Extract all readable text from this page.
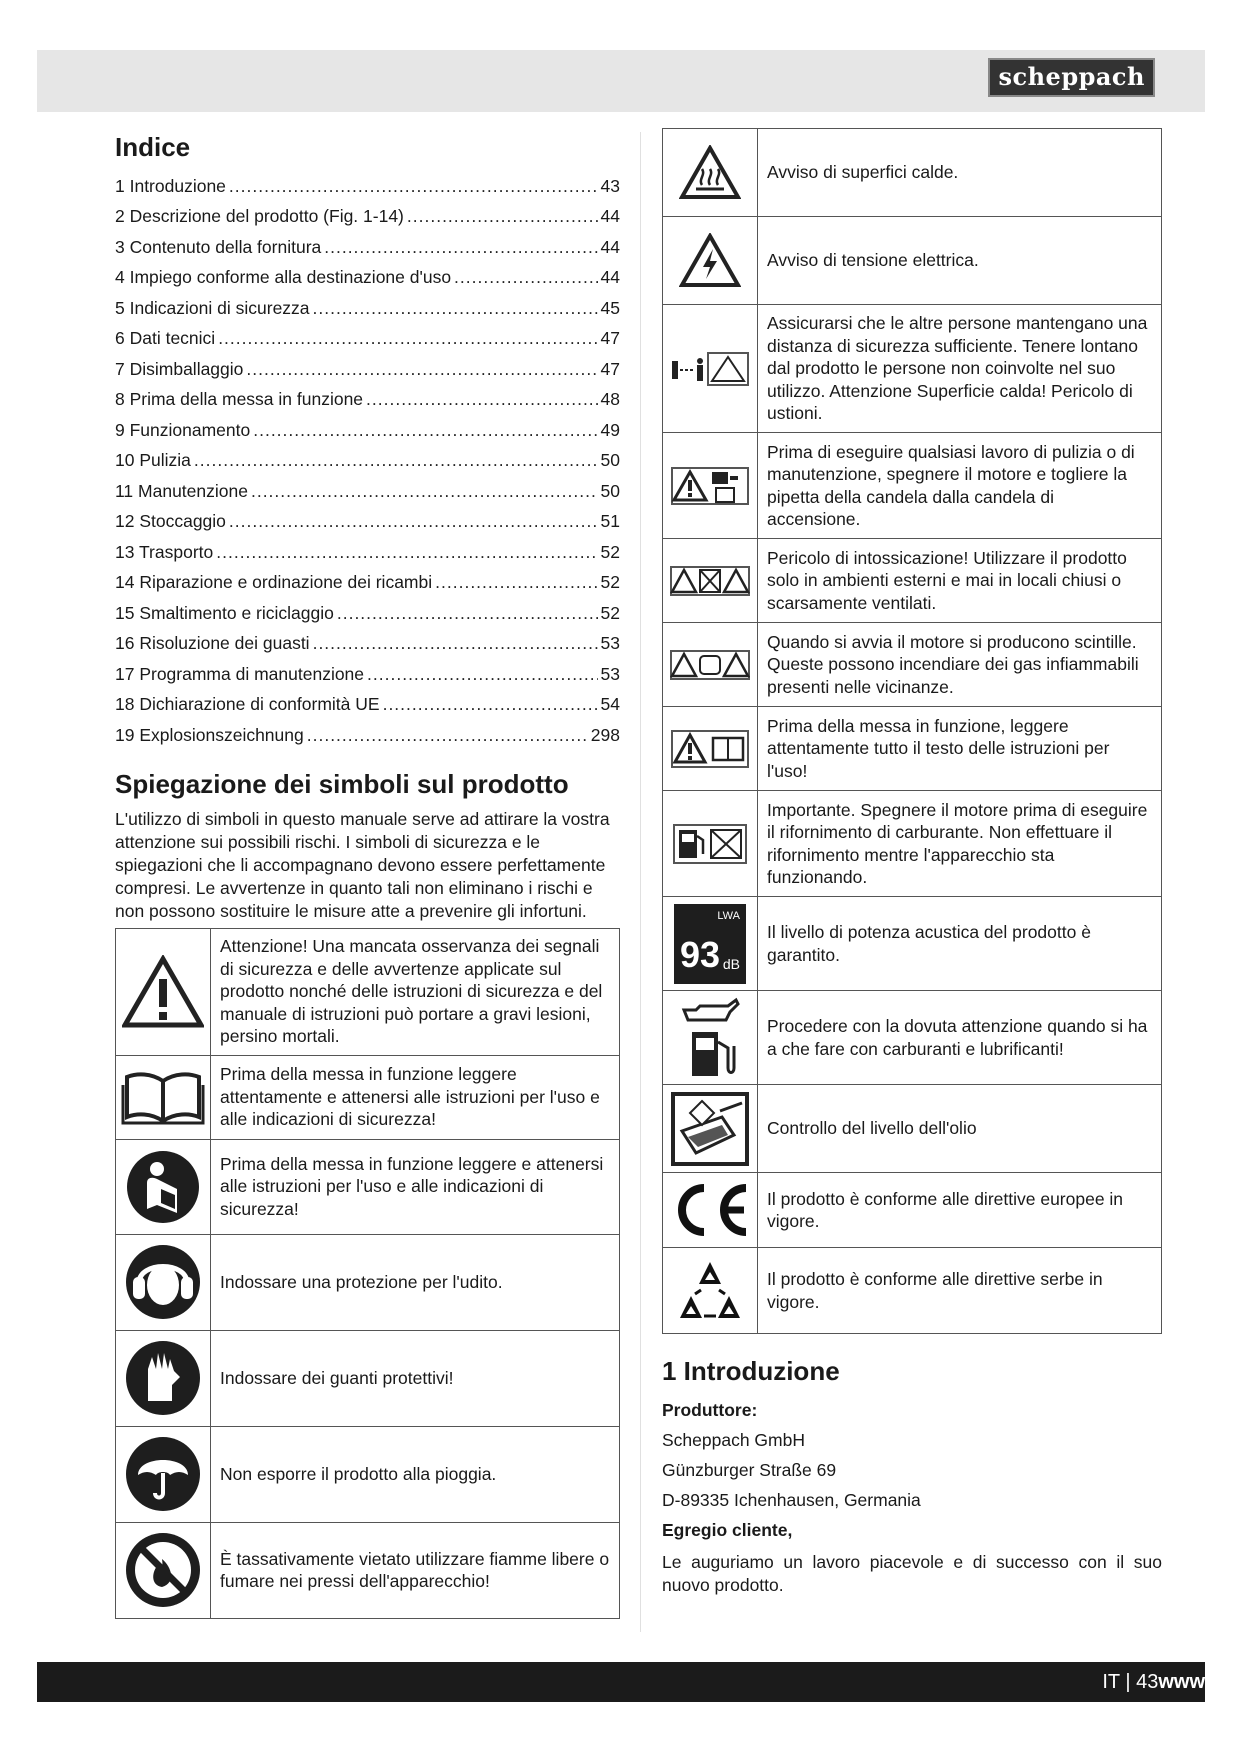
scheppach
Indice
1 Introduzione .....	43
2 Descrizione del prodotto (Fig. 1-14) .....	44
3 Contenuto della fornitura .....	44
4 Impiego conforme alla destinazione d'uso .....	44
5 Indicazioni di sicurezza .....	45
6 Dati tecnici .....	47
7 Disimballaggio .....	47
8 Prima della messa in funzione .....	48
9 Funzionamento .....	49
10 Pulizia .....	50
11 Manutenzione .....	50
12 Stoccaggio .....	51
13 Trasporto .....	52
14 Riparazione e ordinazione dei ricambi .....	52
15 Smaltimento e riciclaggio .....	52
16 Risoluzione dei guasti .....	53
17 Programma di manutenzione .....	53
18 Dichiarazione di conformità UE .....	54
19 Explosionszeichnung .....	298
Spiegazione dei simboli sul prodotto

L'utilizzo di simboli in questo manuale serve ad attirare la vostra attenzione sui possibili rischi. I simboli di sicurezza e le spiegazioni che li accompagnano devono essere perfettamente compresi. Le avvertenze in quanto tali non eliminano i rischi e non possono sostituire le misure atte a prevenire gli infortuni.

	Attenzione! Una mancata osservanza dei segnali di sicurezza e delle avvertenze applicate sul prodotto nonché delle istruzioni di sicurezza e del manuale di istruzioni può portare a gravi lesioni, persino mortali.

	Prima della messa in funzione leggere attentamente e attenersi alle istruzioni per l'uso e alle indicazioni di sicurezza!

	Prima della messa in funzione leggere e attenersi alle istruzioni per l'uso e alle indicazioni di sicurezza!

	Indossare una protezione per l'udito.

	Indossare dei guanti protettivi!

	Non esporre il prodotto alla pioggia.

	È tassativamente vietato utilizzare fiamme libere o fumare nei pressi dell'apparecchio!
	Avviso di superfici calde.

	Avviso di tensione elettrica.

	Assicurarsi che le altre persone mantengano una distanza di sicurezza sufficiente. Tenere lontano dal prodotto le persone non coinvolte nel suo utilizzo. Attenzione Superficie calda! Pericolo di ustioni.

	Prima di eseguire qualsiasi lavoro di pulizia o di manutenzione, spegnere il motore e togliere la pipetta della candela dalla candela di accensione.

	Pericolo di intossicazione! Utilizzare il prodotto solo in ambienti esterni e mai in locali chiusi o scarsamente ventilati.

	Quando si avvia il motore si producono scintille. Queste possono incendiare dei gas infiammabili presenti nelle vicinanze.

	Prima della messa in funzione, leggere attentamente tutto il testo delle istruzioni per l'uso!

	Importante. Spegnere il motore prima di eseguire il rifornimento di carburante. Non effettuare il rifornimento mentre l'apparecchio sta funzionando.

LWA
93 dB	Il livello di potenza acustica del prodotto è garantito.

	Procedere con la dovuta attenzione quando si ha a che fare con carburanti e lubrificanti!

	Controllo del livello dell'olio

	Il prodotto è conforme alle direttive europee in vigore.

	Il prodotto è conforme alle direttive serbe in vigore.
1 Introduzione
Produttore:
Scheppach GmbH
Günzburger Straße 69
D-89335 Ichenhausen, Germania
Egregio cliente,
Le auguriamo un lavoro piacevole e di successo con il suo nuovo prodotto.
IT | 43www
